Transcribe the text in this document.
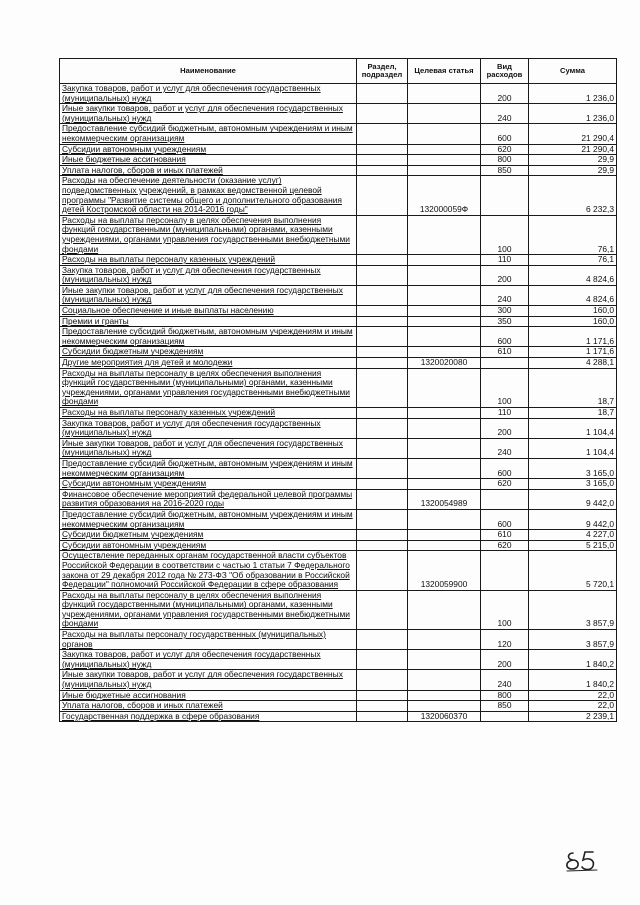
Наименование	Раздел, подраздел	Целевая статья	Вид расходов	Сумма
Закупка товаров, работ и услуг для обеспечения государственных (муниципальных) нужд			200	1 236,0
Иные закупки товаров, работ и услуг для обеспечения государственных (муниципальных) нужд			240	1 236,0
Предоставление субсидий бюджетным, автономным учреждениям и иным некоммерческим организациям			600	21 290,4
Субсидии автономным учреждениям			620	21 290,4
Иные бюджетные ассигнования			800	29,9
Уплата налогов, сборов и иных платежей			850	29,9
Расходы на обеспечение деятельности (оказание услуг) подведомственных учреждений, в рамках ведомственной целевой программы "Развитие системы общего и дополнительного образования детей Костромской области на 2014-2016 годы"		132000059Ф		6 232,3
Расходы на выплаты персоналу в целях обеспечения выполнения функций государственными (муниципальными) органами, казенными учреждениями, органами управления государственными внебюджетными фондами			100	76,1
Расходы на выплаты персоналу казенных учреждений			110	76,1
Закупка товаров, работ и услуг для обеспечения государственных (муниципальных) нужд			200	4 824,6
Иные закупки товаров, работ и услуг для обеспечения государственных (муниципальных) нужд			240	4 824,6
Социальное обеспечение и иные выплаты населению			300	160,0
Премии и гранты			350	160,0
Предоставление субсидий бюджетным, автономным учреждениям и иным некоммерческим организациям			600	1 171,6
Субсидии бюджетным учреждениям			610	1 171,6
Другие мероприятия для детей и молодежи		1320020080		4 288,1
Расходы на выплаты персоналу в целях обеспечения выполнения функций государственными (муниципальными) органами, казенными учреждениями, органами управления государственными внебюджетными фондами			100	18,7
Расходы на выплаты персоналу казенных учреждений			110	18,7
Закупка товаров, работ и услуг для обеспечения государственных (муниципальных) нужд			200	1 104,4
Иные закупки товаров, работ и услуг для обеспечения государственных (муниципальных) нужд			240	1 104,4
Предоставление субсидий бюджетным, автономным учреждениям и иным некоммерческим организациям			600	3 165,0
Субсидии автономным учреждениям			620	3 165,0
Финансовое обеспечение мероприятий федеральной целевой программы развития образования на 2016-2020 годы		1320054989		9 442,0
Предоставление субсидий бюджетным, автономным учреждениям и иным некоммерческим организациям			600	9 442,0
Субсидии бюджетным учреждениям			610	4 227,0
Субсидии автономным учреждениям			620	5 215,0
Осуществление переданных органам государственной власти субъектов Российской Федерации в соответствии с частью 1 статьи 7 Федерального закона от 29 декабря 2012 года № 273-ФЗ "Об образовании в Российской Федерации" полномочий Российской Федерации в сфере образования		1320059900		5 720,1
Расходы на выплаты персоналу в целях обеспечения выполнения функций государственными (муниципальными) органами, казенными учреждениями, органами управления государственными внебюджетными фондами			100	3 857,9
Расходы на выплаты персоналу государственных (муниципальных) органов			120	3 857,9
Закупка товаров, работ и услуг для обеспечения государственных (муниципальных) нужд			200	1 840,2
Иные закупки товаров, работ и услуг для обеспечения государственных (муниципальных) нужд			240	1 840,2
Иные бюджетные ассигнования			800	22,0
Уплата налогов, сборов и иных платежей			850	22,0
Государственная поддержка в сфере образования		1320060370		2 239,1
